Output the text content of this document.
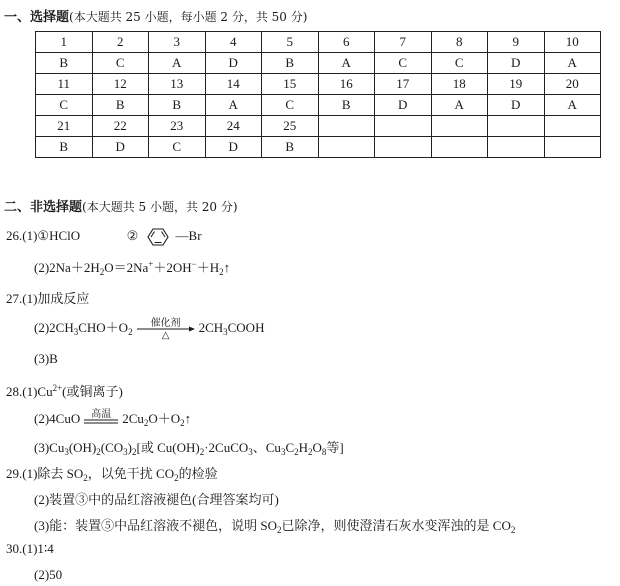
一、选择题(本大题共 25 小题，每小题 2 分，共 50 分)
1	2	3	4	5	6	7	8	9	10
B	C	A	D	B	A	C	C	D	A
11	12	13	14	15	16	17	18	19	20
C	B	B	A	C	B	D	A	D	A
21	22	23	24	25					
B	D	C	D	B					
二、非选择题(本大题共 5 小题，共 20 分)
26.(1)①HClO	②	—Br
$(2)2Na+2H_2O=2Na^++2OH^-+H_2↑$
27.(1)加成反应
$(2)2CH_3CHO+O_2$
催化剂
△
$2CH_3COOH$
(3)B
$28.(1)Cu^{2+}$(或铜离子)
(2)4CuO	高温 $2Cu_2O+O_2↑$
$(3)Cu_3(OH)_2(CO_3)_2$[或 $Cu(OH)_2\cdot 2CuCO_3$、$Cu_3C_2H_2O_8$等]
29.(1)除去 $SO_2$，以免干扰 $CO_2$的检验
(2)装置③中的品红溶液褪色(合理答案均可)
(3)能：装置⑤中品红溶液不褪色，说明 $SO_2$已除净，则使澄清石灰水变浑浊的是 $CO_2$
30.(1)1∶4
(2)50
